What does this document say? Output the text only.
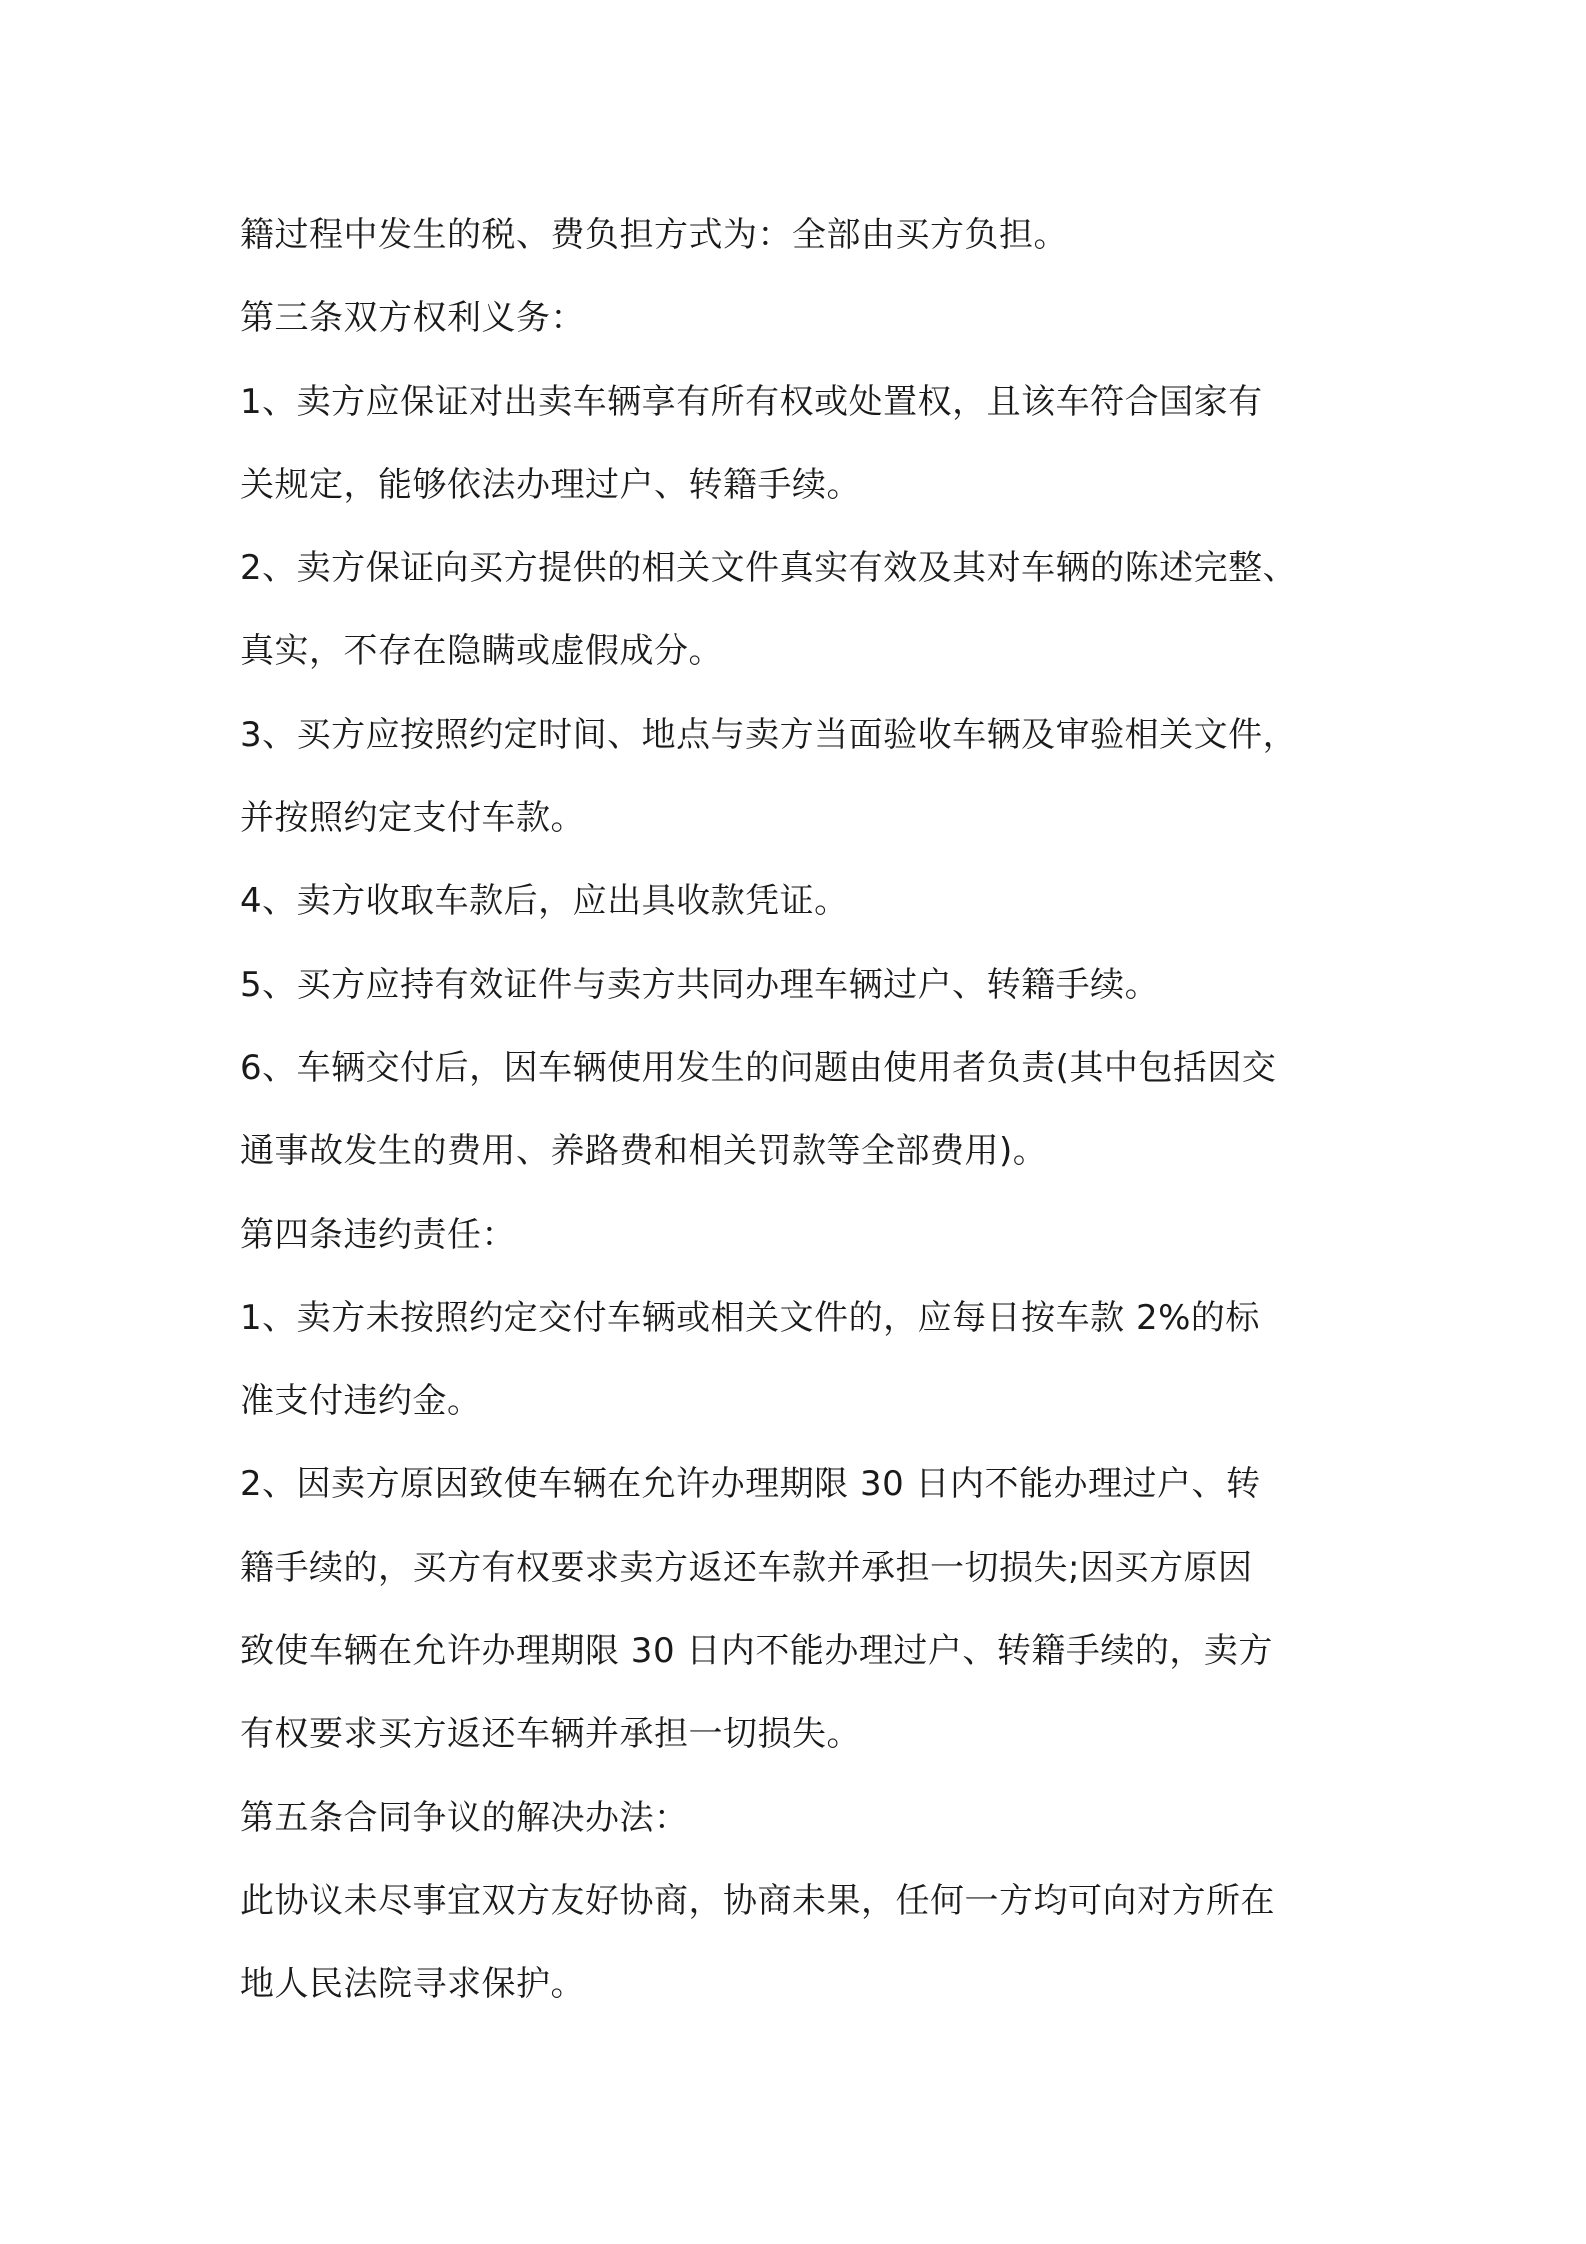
籍过程中发生的税、费负担方式为：全部由买方负担。
第三条双方权利义务：
1、卖方应保证对出卖车辆享有所有权或处置权，且该车符合国家有
关规定，能够依法办理过户、转籍手续。
2、卖方保证向买方提供的相关文件真实有效及其对车辆的陈述完整、
真实，不存在隐瞒或虚假成分。
3、买方应按照约定时间、地点与卖方当面验收车辆及审验相关文件，
并按照约定支付车款。
4、卖方收取车款后，应出具收款凭证。
5、买方应持有效证件与卖方共同办理车辆过户、转籍手续。
6、车辆交付后，因车辆使用发生的问题由使用者负责(其中包括因交
通事故发生的费用、养路费和相关罚款等全部费用)。
第四条违约责任：
1、卖方未按照约定交付车辆或相关文件的，应每日按车款 2%的标
准支付违约金。
2、因卖方原因致使车辆在允许办理期限 30 日内不能办理过户、转
籍手续的，买方有权要求卖方返还车款并承担一切损失;因买方原因
致使车辆在允许办理期限 30 日内不能办理过户、转籍手续的，卖方
有权要求买方返还车辆并承担一切损失。
第五条合同争议的解决办法：
此协议未尽事宜双方友好协商，协商未果，任何一方均可向对方所在
地人民法院寻求保护。
